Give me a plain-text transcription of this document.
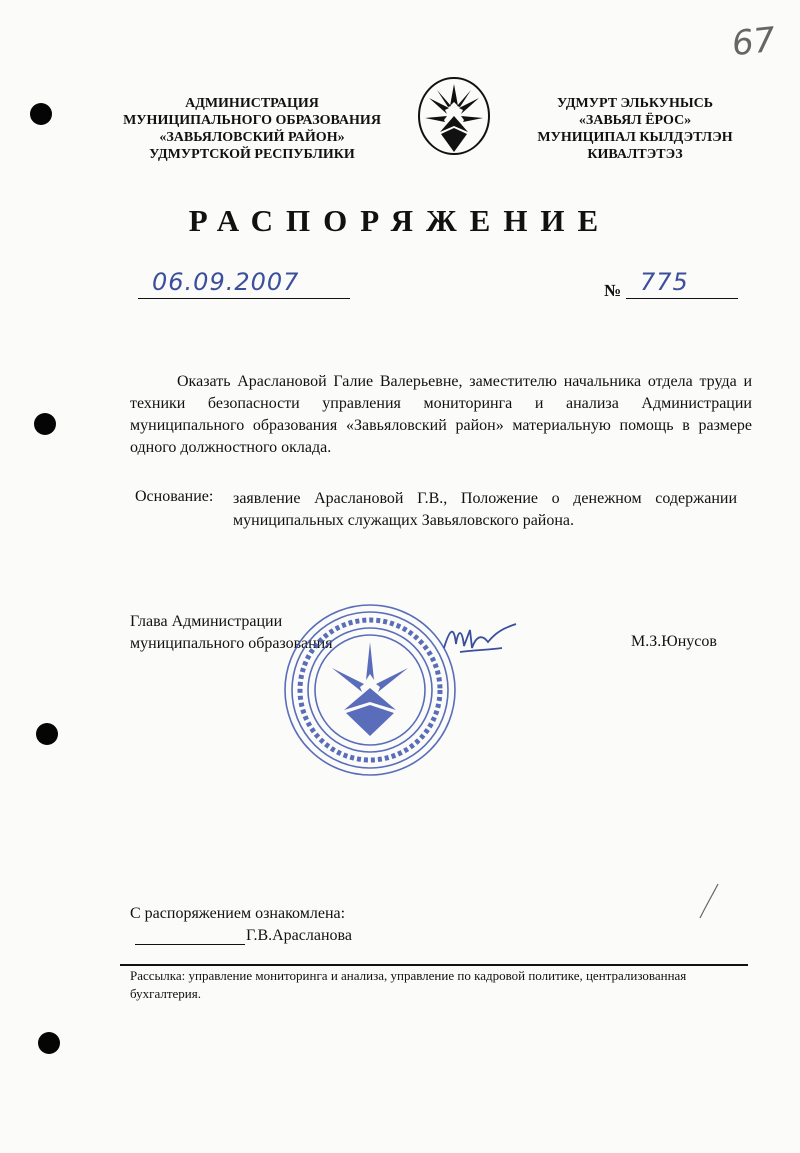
67
АДМИНИСТРАЦИЯ
МУНИЦИПАЛЬНОГО ОБРАЗОВАНИЯ
«ЗАВЬЯЛОВСКИЙ РАЙОН»
УДМУРТСКОЙ РЕСПУБЛИКИ
УДМУРТ ЭЛЬКУНЫСЬ
«ЗАВЬЯЛ ЁРОС»
МУНИЦИПАЛ КЫЛДЭТЛЭН
КИВАЛТЭТЭЗ
РАСПОРЯЖЕНИЕ
06.09.2007	№ 775
Оказать Арaслановой Галие Валерьевне, заместителю начальника отдела труда и техники безопасности управления мониторинга и анализа Администрации муниципального образования «Завьяловский район» материальную помощь в размере одного должностного оклада.
Основание: заявление Араслановой Г.В., Положение о денежном содержании муниципальных служащих Завьяловского района.
Глава Администрации
муниципального образования	М.З.Юнусов
С распоряжением ознакомлена:
Г.В.Арасланова
Рассылка: управление мониторинга и анализа, управление по кадровой политике, централизованная бухгалтерия.
